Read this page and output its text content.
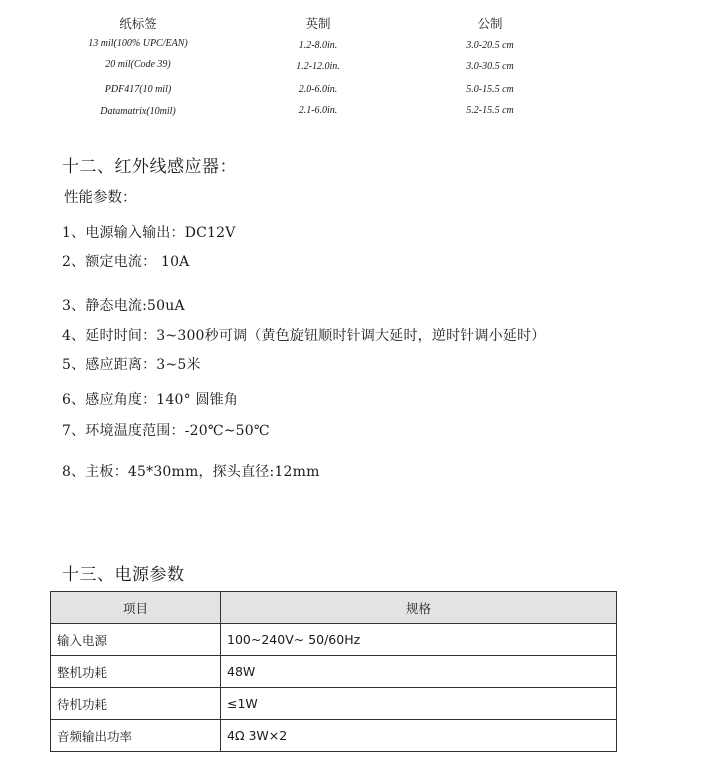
纸标签	英制	公制
13 mil(100% UPC/EAN)	1.2-8.0in.	3.0-20.5 cm
20 mil(Code 39)	1.2-12.0in.	3.0-30.5 cm
PDF417(10 mil)	2.0-6.0in.	5.0-15.5 cm
Datamatrix(10mil)	2.1-6.0in.	5.2-15.5 cm
十二、红外线感应器：
性能参数：
1、电源输入输出：DC12V
2、额定电流： 10A
3、静态电流:50uA
4、延时时间：3~300秒可调（黄色旋钮顺时针调大延时，逆时针调小延时）
5、感应距离：3~5米
6、感应角度：140° 圆锥角
7、环境温度范围：-20℃~50℃
8、主板：45*30mm，探头直径:12mm
十三、电源参数
项目	规格
输入电源	100~240V~ 50/60Hz
整机功耗	48W
待机功耗	≤1W
音频输出功率	4Ω 3W×2
